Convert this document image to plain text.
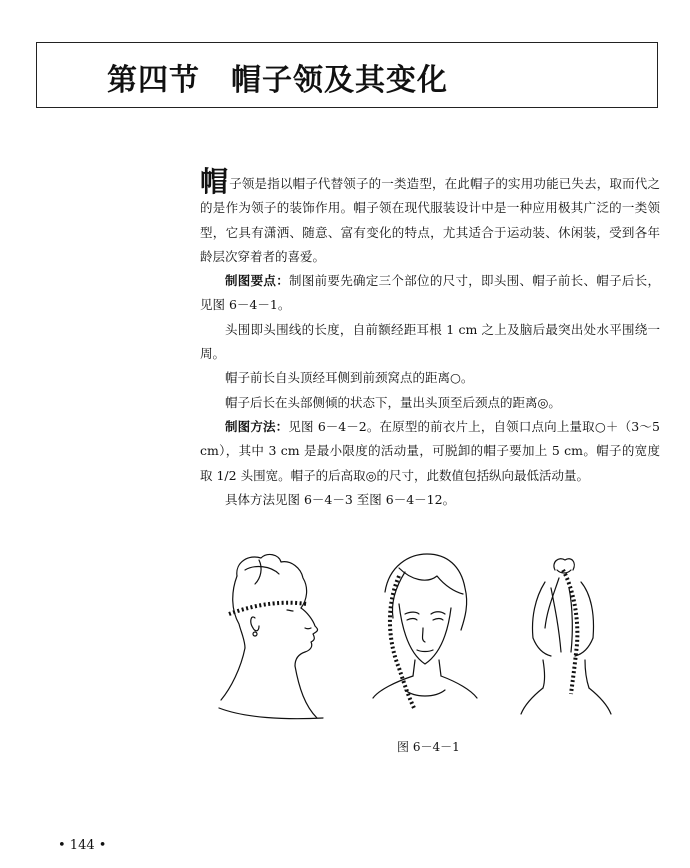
第四节　帽子领及其变化

帽子领是指以帽子代替领子的一类造型，在此帽子的实用功能已失去，取而代之的是作为领子的装饰作用。帽子领在现代服装设计中是一种应用极其广泛的一类领型，它具有潇洒、随意、富有变化的特点，尤其适合于运动装、休闲装，受到各年龄层次穿着者的喜爱。

制图要点：制图前要先确定三个部位的尺寸，即头围、帽子前长、帽子后长，见图 6－4－1。

头围即头围线的长度，自前额经距耳根 1 cm 之上及脑后最突出处水平围绕一周。

帽子前长自头顶经耳侧到前颈窝点的距离○。

帽子后长在头部侧倾的状态下，量出头顶至后颈点的距离◎。

制图方法：见图 6－4－2。在原型的前衣片上，自领口点向上量取○＋（3～5 cm），其中 3 cm 是最小限度的活动量，可脱卸的帽子要加上 5 cm。帽子的宽度取 1/2 头围宽。帽子的后高取◎的尺寸，此数值包括纵向最低活动量。

具体方法见图 6－4－3 至图 6－4－12。

图 6－4－1
• 144 •
